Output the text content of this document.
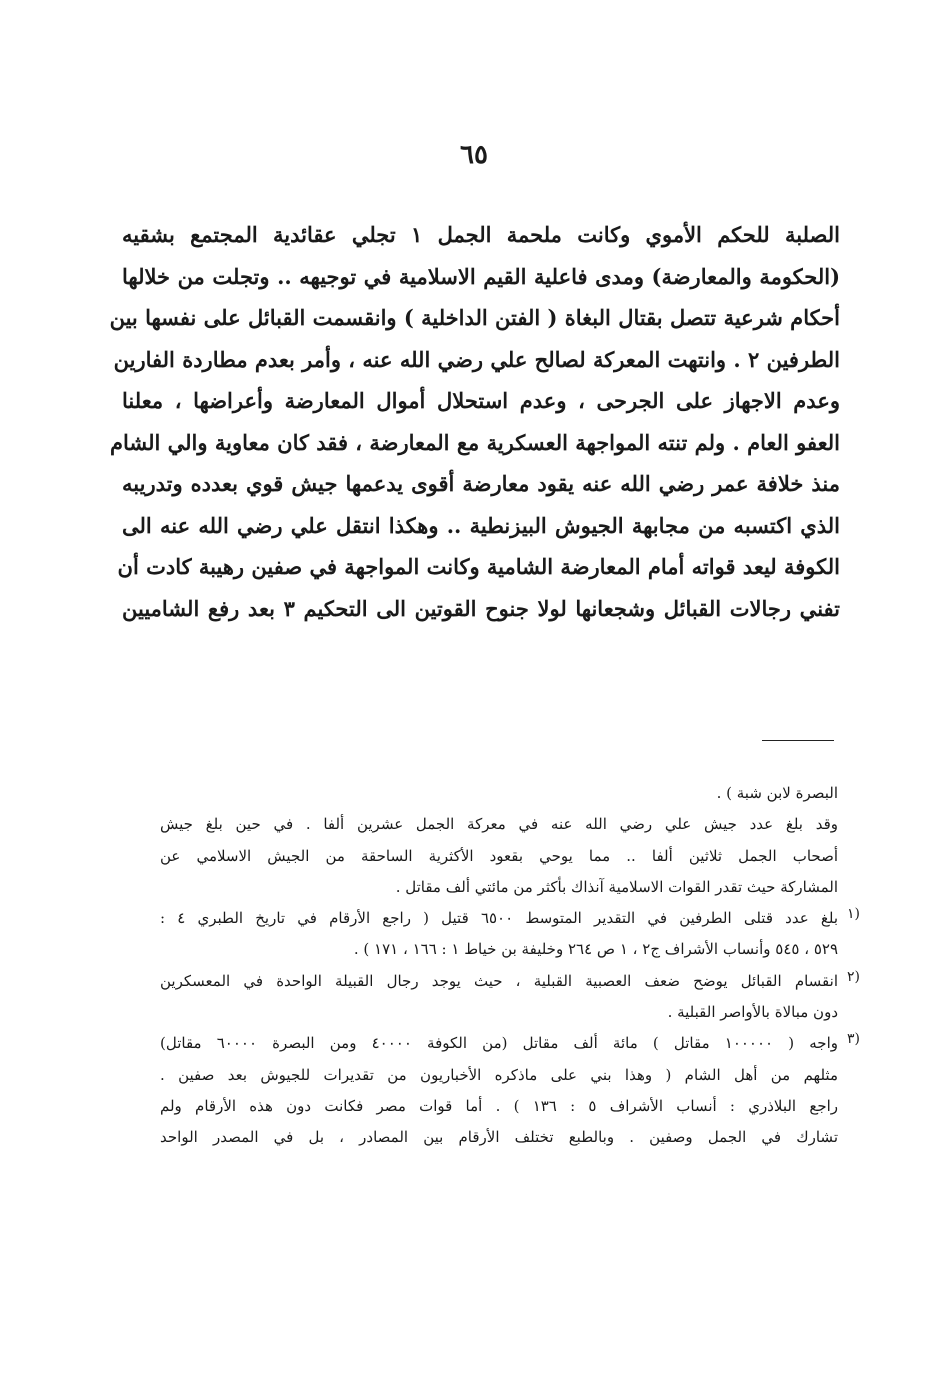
٦٥
الصلبة للحكم الأموي وكانت ملحمة الجمل ١ تجلي عقائدية المجتمع بشقيه
(الحكومة والمعارضة) ومدى فاعلية القيم الاسلامية في توجيهه .. وتجلت من خلالها
أحكام شرعية تتصل بقتال البغاة ( الفتن الداخلية ) وانقسمت القبائل على نفسها بين
الطرفين ٢ . وانتهت المعركة لصالح علي رضي الله عنه ، وأمر بعدم مطاردة الفارين
وعدم الاجهاز على الجرحى ، وعدم استحلال أموال المعارضة وأعراضها ، معلنا
العفو العام . ولم تنته المواجهة العسكرية مع المعارضة ، فقد كان معاوية والي الشام
منذ خلافة عمر رضي الله عنه يقود معارضة أقوى يدعمها جيش قوي بعدده وتدريبه
الذي اكتسبه من مجابهة الجيوش البيزنطية .. وهكذا انتقل علي رضي الله عنه الى
الكوفة ليعد قواته أمام المعارضة الشامية وكانت المواجهة في صفين رهيبة كادت أن
تفني رجالات القبائل وشجعانها لولا جنوح القوتين الى التحكيم ٣ بعد رفع الشاميين
البصرة لابن شبة ) .
وقد بلغ عدد جيش علي رضي الله عنه في معركة الجمل عشرين ألفا . في حين بلغ جيش
أصحاب الجمل ثلاثين ألفا .. مما يوحي بقعود الأكثرية الساحقة من الجيش الاسلامي عن
المشاركة حيث تقدر القوات الاسلامية آنذاك بأكثر من مائتي ألف مقاتل .
(١
بلغ عدد قتلى الطرفين في التقدير المتوسط ٦٥٠٠ قتيل ( راجع الأرقام في تاريخ الطبري ٤ :
٥٢٩ ، ٥٤٥ وأنساب الأشراف ج٢ ، ١ ص ٢٦٤ وخليفة بن خياط ١ : ١٦٦ ، ١٧١ ) .
(٢
انقسام القبائل يوضح ضعف العصبية القبلية ، حيث يوجد رجال القبيلة الواحدة في المعسكرين
دون مبالاة بالأواصر القبلية .
(٣
واجه ( ١٠٠٠٠٠ مقاتل ) مائة ألف مقاتل (من الكوفة ٤٠٠٠٠ ومن البصرة ٦٠٠٠٠ مقاتل)
مثلهم من أهل الشام ( وهذا بني على ماذكره الأخباريون من تقديرات للجيوش بعد صفين .
راجع البلاذري : أنساب الأشراف ٥ : ١٣٦ ) . أما قوات مصر فكانت دون هذه الأرقام ولم
تشارك في الجمل وصفين . وبالطبع تختلف الأرقام بين المصادر ، بل في المصدر الواحد
